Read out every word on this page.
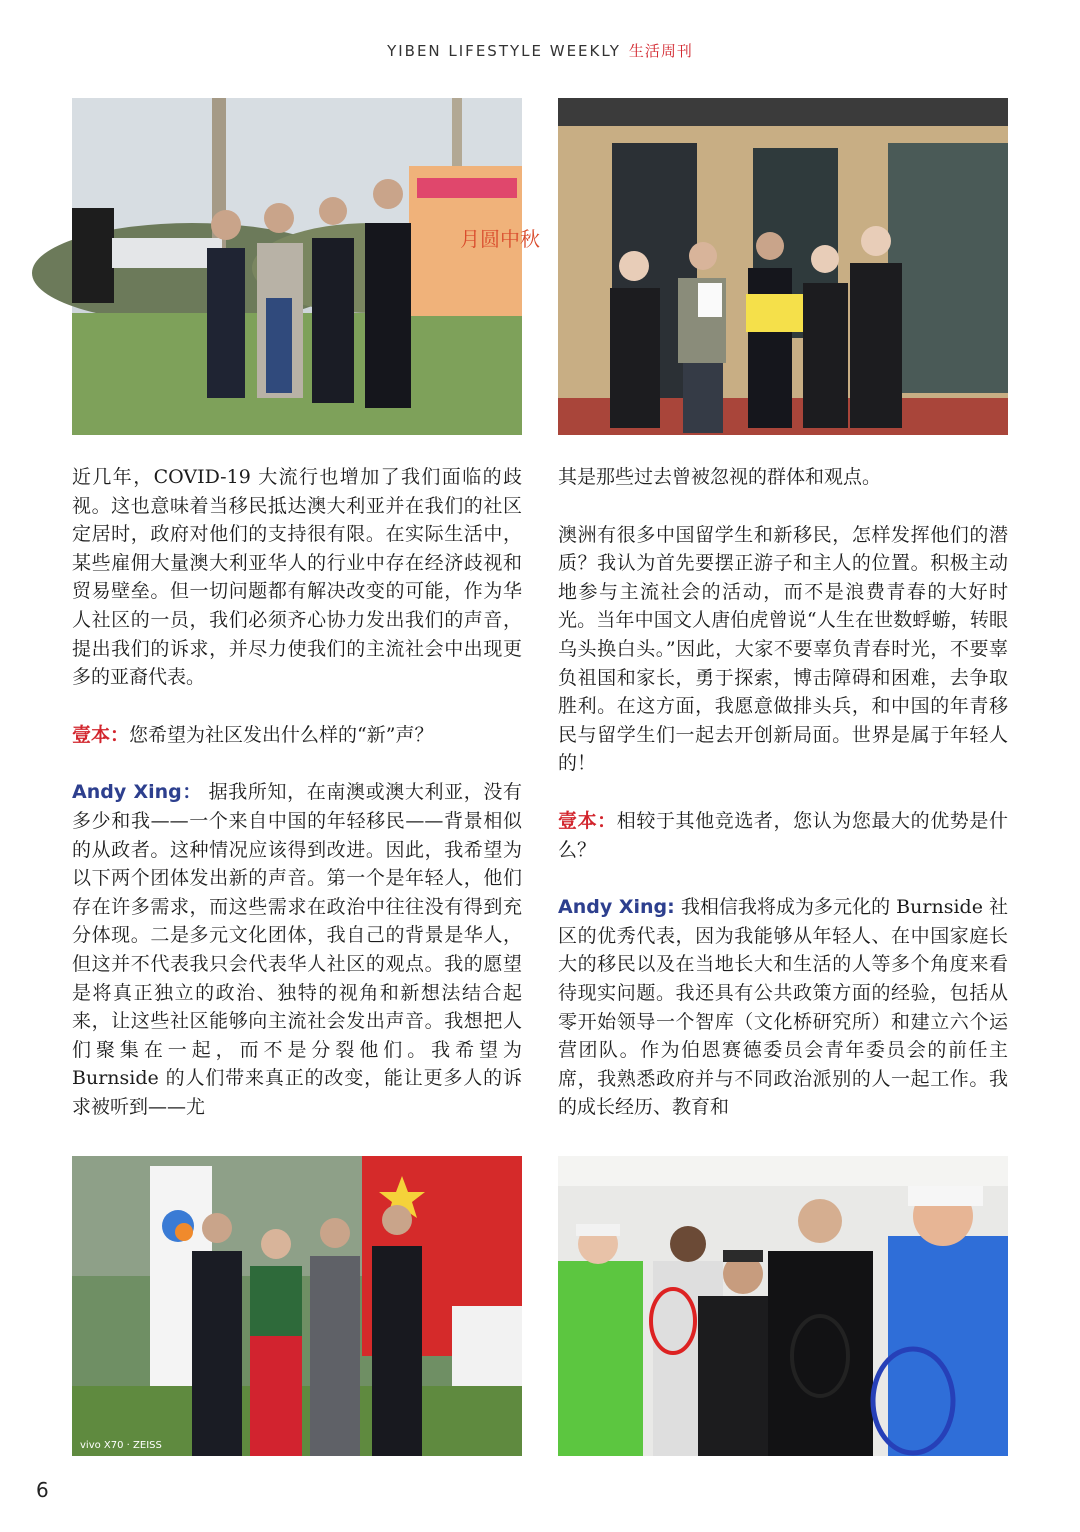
YIBEN LIFESTYLE WEEKLY 生活周刊
月圆中秋

近几年，COVID-19 大流行也增加了我们面临的歧视。这也意味着当移民抵达澳大利亚并在我们的社区定居时，政府对他们的支持很有限。在实际生活中，某些雇佣大量澳大利亚华人的行业中存在经济歧视和贸易壁垒。但一切问题都有解决改变的可能，作为华人社区的一员，我们必须齐心协力发出我们的声音，提出我们的诉求，并尽力使我们的主流社会中出现更多的亚裔代表。

壹本：您希望为社区发出什么样的“新”声？

Andy Xing： 据我所知，在南澳或澳大利亚，没有多少和我——一个来自中国的年轻移民——背景相似的从政者。这种情况应该得到改进。因此，我希望为以下两个团体发出新的声音。第一个是年轻人，他们存在许多需求，而这些需求在政治中往往没有得到充分体现。二是多元文化团体，我自己的背景是华人，但这并不代表我只会代表华人社区的观点。我的愿望是将真正独立的政治、独特的视角和新想法结合起来，让这些社区能够向主流社会发出声音。我想把人们聚集在一起，而不是分裂他们。我希望为 Burnside 的人们带来真正的改变，能让更多人的诉求被听到——尤

其是那些过去曾被忽视的群体和观点。

澳洲有很多中国留学生和新移民，怎样发挥他们的潜质？我认为首先要摆正游子和主人的位置。积极主动地参与主流社会的活动，而不是浪费青春的大好时光。当年中国文人唐伯虎曾说“人生在世数蜉蝣，转眼乌头换白头。”因此，大家不要辜负青春时光，不要辜负祖国和家长，勇于探索，博击障碍和困难，去争取胜利。在这方面，我愿意做排头兵，和中国的年青移民与留学生们一起去开创新局面。世界是属于年轻人的！

壹本：相较于其他竞选者，您认为您最大的优势是什么？

Andy Xing: 我相信我将成为多元化的 Burnside 社区的优秀代表，因为我能够从年轻人、在中国家庭长大的移民以及在当地长大和生活的人等多个角度来看待现实问题。我还具有公共政策方面的经验，包括从零开始领导一个智库（文化桥研究所）和建立六个运营团队。作为伯恩赛德委员会青年委员会的前任主席，我熟悉政府并与不同政治派别的人一起工作。我的成长经历、教育和

vivo X70 · ZEISS
6
